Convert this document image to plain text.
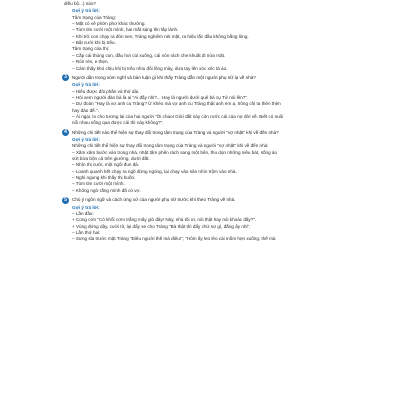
điều bộ...) nào?
Gợi ý trả lời:
Tâm trạng của Tràng:
– Mặt cò vẻ phởn phơ khác thường.
– Tủm tỉm cười một mình, hai mắt sáng lên lấp lánh.
– Khi trở con chạy ra đón sen, Tràng nghiêm nét mặt, ra hiệu lắc đầu không bằng lòng.
– Bật cười khi bị trêu.
Tâm trạng của thị:
– Cắp cái thúng con, đầu hơi cúi xuống, cái nón rách che khuất đi nửa mặt.
– Rón rén, e thẹn.
– Cảm thấy khó chịu khi bị trêu nhìu đôi lông mày, dưa tay lên xóc xóc tà áo.
3	Người dân trong xóm nghĩ và bàn luận gì khi thấy Tràng dẫn một người phụ nữ lạ về nhà?
Gợi ý trả lời:
– Hiếu được đôi phần và thở dài.
– Hỏi xem người đàn bà là ai "Ai đấy nhỉ?... Hay là người dưới quê bà cụ Tứ nói lên?".
– Dự đoán "Hay là vợ anh cu Tràng? Ừ khéo mà vợ anh cu Tràng thật anh em ạ, trông chị ta thèn thèn
hay đáo đế.".
– Ái ngại, lo cho tương lai của hai người "Ôi chao! Giời đất này còn rước cái của nợ đời về. Biết có nuôi
nổi nhau sống qua được cái thì này không?".
4	Những chi tiết nào thể hiện sự thay đổi trong tâm trạng của Tràng và người "vợ nhặt" khi về đến nhà?
Gợi ý trả lời:
Những chi tiết thể hiện sự thay đổi trong tâm trạng của Tràng và người "vợ nhặt" khi về đến nhà:
– Xăm xăm bước vào trong nhà, nhặt tấm phên rách sang một bên, thu dọn những niêu bát, sống áo
vứt bừa bộn cả trên giường, dưới đất.
– Nhìn thị cười, một ngôi đun đá.
– Loanh quanh hết chạy ra ngõ đứng ngóng, lại chạy vào sân nhìn trộm vào nhà.
– Nghi ngung khi thấy thị buồn.
– Tủm tỉm cười một mình.
– Không ngờ rằng mình đã có vợ.
5	Chú ý ngôn ngữ và cách ứng xử của người phụ nữ trước khi theo Tràng về nhà.
Gợi ý trả lời:
– Lần đầu:
+ Cong cớn "Có khối cơm trắng mấy giò đây! Này, nhà tôi ơi, nói thật hay nói khoác đấy?".
+ Vùng đứng dậy, cười tít, lại đẩy xe cho Tràng "Bà thật thì đẩy chứ sợ gì, đằng ấy nhỉ".
– Lần thứ hai:
– Sưng sỉa trước mặt Tràng "Điêu người thế mà điêu!", "Hôm ấy leo lẻo cái mồm hẹn xuống, thế mà
